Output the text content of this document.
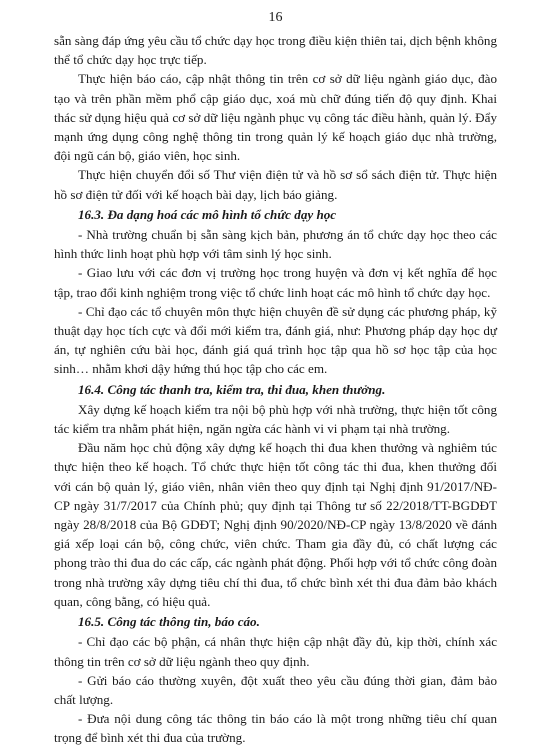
16

sẵn sàng đáp ứng yêu cầu tổ chức dạy học trong điều kiện thiên tai, dịch bệnh không thể tổ chức dạy học trực tiếp.

Thực hiện báo cáo, cập nhật thông tin trên cơ sở dữ liệu ngành giáo dục, đào tạo và trên phần mềm phổ cập giáo dục, xoá mù chữ đúng tiến độ quy định. Khai thác sử dụng hiệu quả cơ sở dữ liệu ngành phục vụ công tác điều hành, quản lý. Đẩy mạnh ứng dụng công nghệ thông tin trong quản lý kế hoạch giáo dục nhà trường, đội ngũ cán bộ, giáo viên, học sinh.

Thực hiện chuyển đổi số Thư viện điện tử và hồ sơ sổ sách điện tử. Thực hiện hồ sơ điện tử đối với kế hoạch bài dạy, lịch báo giảng.

16.3. Đa dạng hoá các mô hình tổ chức dạy học

- Nhà trường chuẩn bị sẵn sàng kịch bản, phương án tổ chức dạy học theo các hình thức linh hoạt phù hợp với tâm sinh lý học sinh.

- Giao lưu với các đơn vị trường học trong huyện và đơn vị kết nghĩa để học tập, trao đổi kinh nghiệm trong việc tổ chức linh hoạt các mô hình tổ chức dạy học.

- Chỉ đạo các tổ chuyên môn thực hiện chuyên đề sử dụng các phương pháp, kỹ thuật dạy học tích cực và đổi mới kiểm tra, đánh giá, như: Phương pháp dạy học dự án, tự nghiên cứu bài học, đánh giá quá trình học tập qua hồ sơ học tập của học sinh… nhằm khơi dậy hứng thú học tập cho các em.

16.4. Công tác thanh tra, kiểm tra, thi đua, khen thưởng.

Xây dựng kế hoạch kiểm tra nội bộ phù hợp với nhà trường, thực hiện tốt công tác kiểm tra nhằm phát hiện, ngăn ngừa các hành vi vi phạm tại nhà trường.

Đầu năm học chủ động xây dựng kế hoạch thi đua khen thưởng và nghiêm túc thực hiện theo kế hoạch. Tổ chức thực hiện tốt công tác thi đua, khen thưởng đối với cán bộ quản lý, giáo viên, nhân viên theo quy định tại Nghị định 91/2017/NĐ-CP ngày 31/7/2017 của Chính phủ; quy định tại Thông tư số 22/2018/TT-BGDĐT ngày 28/8/2018 của Bộ GDĐT; Nghị định 90/2020/NĐ-CP ngày 13/8/2020 về đánh giá xếp loại cán bộ, công chức, viên chức. Tham gia đầy đủ, có chất lượng các phong trào thi đua do các cấp, các ngành phát động. Phối hợp với tổ chức công đoàn trong nhà trường xây dựng tiêu chí thi đua, tổ chức bình xét thi đua đảm bảo khách quan, công bằng, có hiệu quả.

16.5. Công tác thông tin, báo cáo.

- Chỉ đạo các bộ phận, cá nhân thực hiện cập nhật đầy đủ, kịp thời, chính xác thông tin trên cơ sở dữ liệu ngành theo quy định.

- Gửi báo cáo thường xuyên, đột xuất theo yêu cầu đúng thời gian, đảm bảo chất lượng.

- Đưa nội dung công tác thông tin báo cáo là một trong những tiêu chí quan trọng để bình xét thi đua của trường.
